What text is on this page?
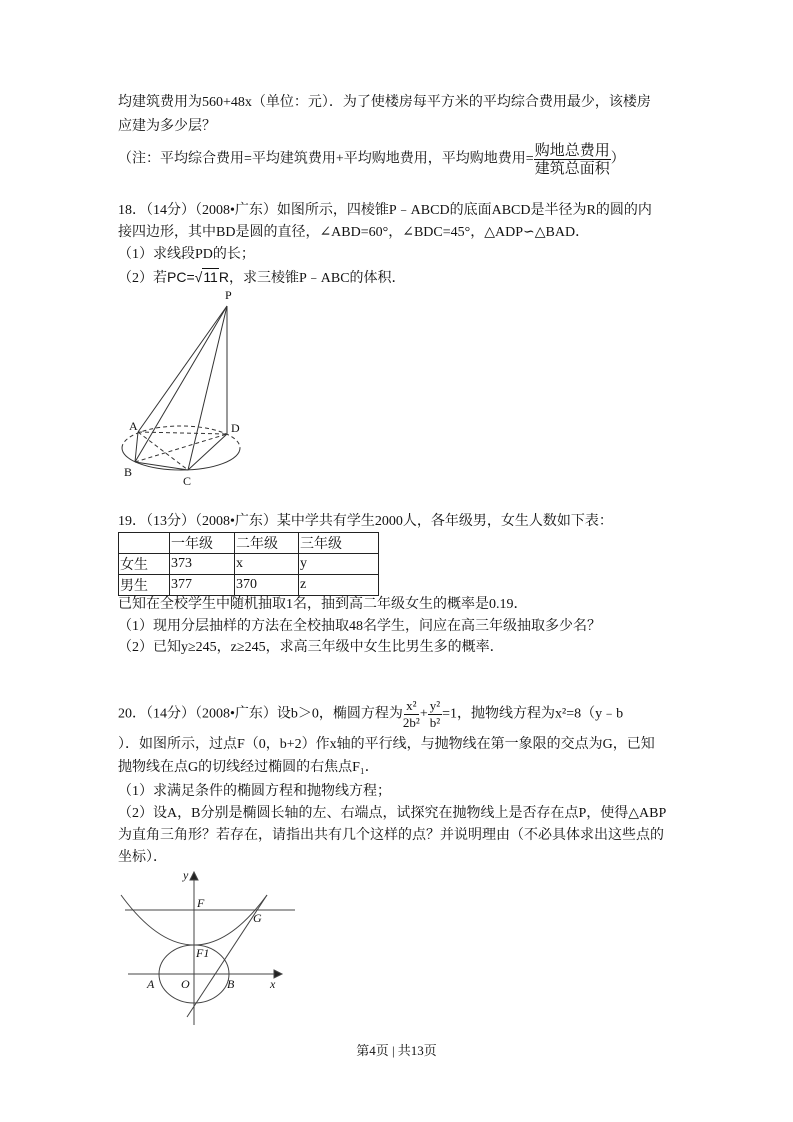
均建筑费用为560+48x（单位：元）．为了使楼房每平方米的平均综合费用最少，该楼房
应建为多少层？
（注：平均综合费用=平均建筑费用+平均购地费用，平均购地费用= $\frac{\text{购地总费用}}{\text{建筑总面积}}$ ）
18．（14分）（2008•广东）如图所示，四棱锥P﹣ABCD的底面ABCD是半径为R的圆的内
接四边形，其中BD是圆的直径，∠ABD=60°，∠BDC=45°，△ADP∽△BAD．
（1）求线段PD的长；
（2）若PC=√11R，求三棱锥P﹣ABC的体积．
P
A	D
B
C
y
x
F
G
F1
A O	B
19．（13分）（2008•广东）某中学共有学生2000人，各年级男，女生人数如下表：
	一年级	二年级	三年级
女生	373	x	y
男生	377	370	z
已知在全校学生中随机抽取1名，抽到高二年级女生的概率是0.19．
（1）现用分层抽样的方法在全校抽取48名学生，问应在高三年级抽取多少名？
（2）已知y≥245，z≥245，求高三年级中女生比男生多的概率．
20．（14分）（2008•广东）设b＞0，椭圆方程为 $\frac{\text{x²}}{\text{2b²}} + \frac{\text{y²}}{\text{b²}} =1$，抛物线方程为x²=8（y﹣b
）．如图所示，过点F（0，b+2）作x轴的平行线，与抛物线在第一象限的交点为G，已知
抛物线在点G的切线经过椭圆的右焦点F₁．
（1）求满足条件的椭圆方程和抛物线方程；
（2）设A，B分别是椭圆长轴的左、右端点，试探究在抛物线上是否存在点P，使得△ABP
为直角三角形？若存在，请指出共有几个这样的点？并说明理由（不必具体求出这些点的
坐标）．
第4页 | 共13页
